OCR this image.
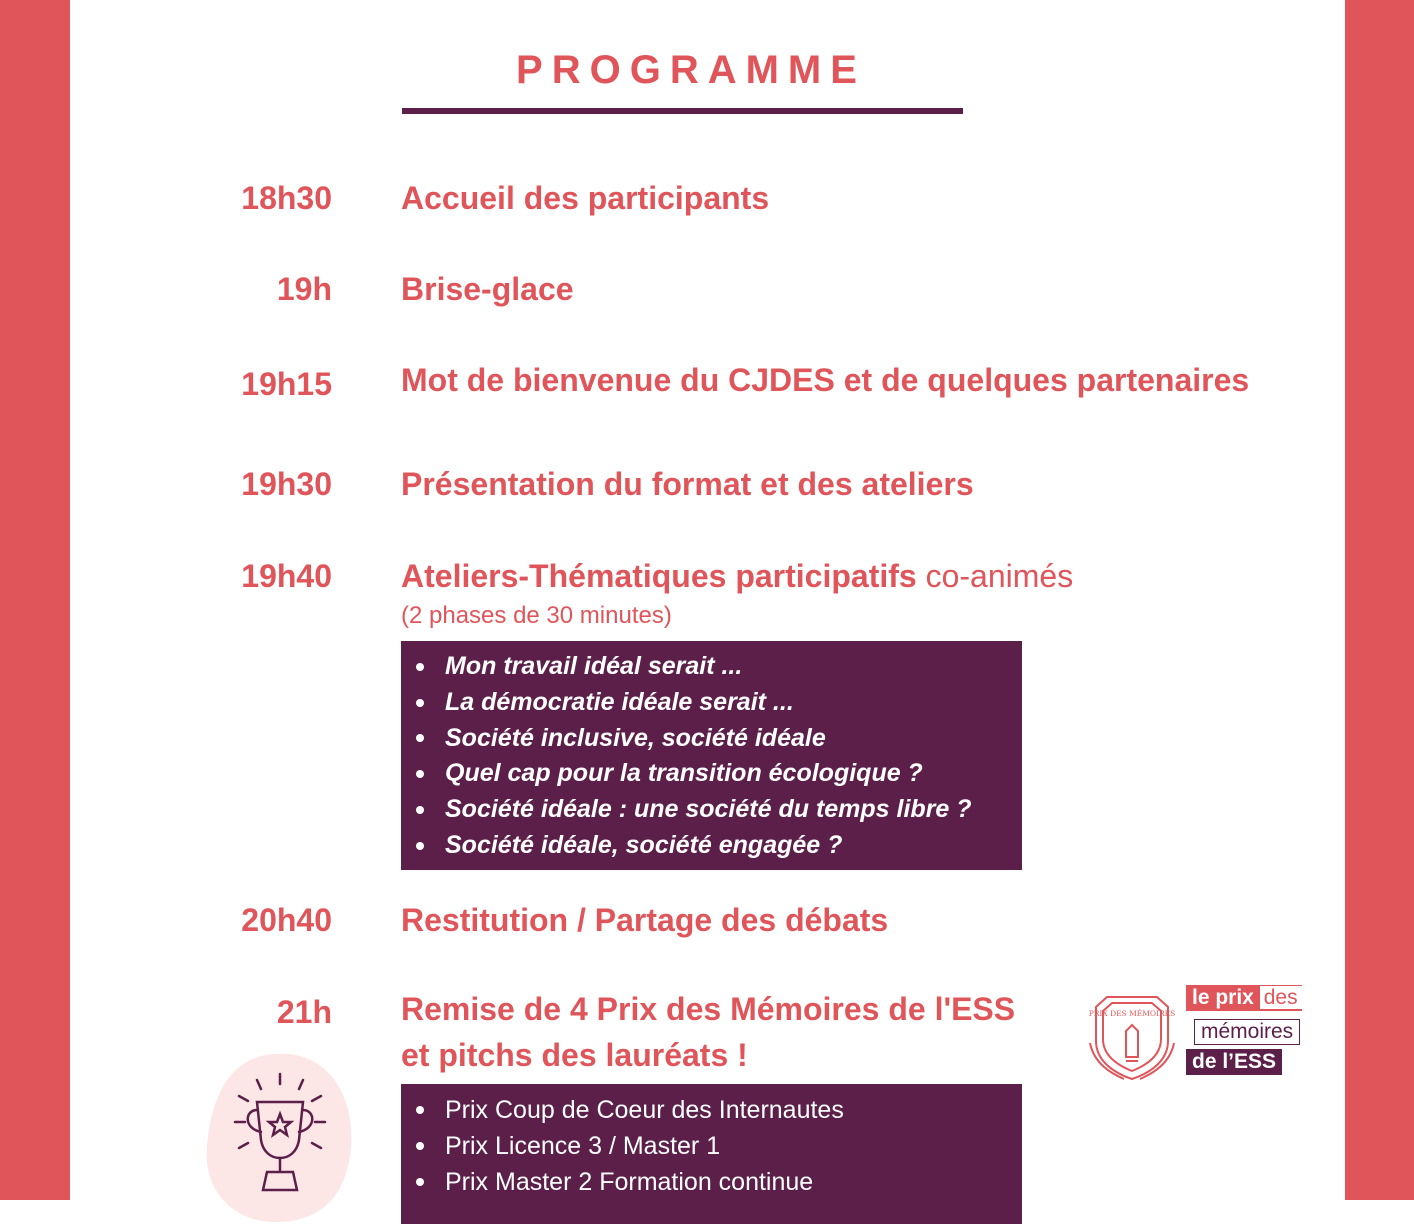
PROGRAMME
18h30 Accueil des participants
19h Brise-glace
19h15 Mot de bienvenue du CJDES et de quelques partenaires
19h30 Présentation du format et des ateliers
19h40 Ateliers-Thématiques participatifs co-animés
(2 phases de 30 minutes)
Mon travail idéal serait ...
La démocratie idéale serait ...
Société inclusive, société idéale
Quel cap pour la transition écologique ?
Société idéale : une société du temps libre ?
Société idéale, société engagée ?
20h40 Restitution / Partage des débats
21h Remise de 4 Prix des Mémoires de l'ESS
et pitchs des lauréats !
Prix Coup de Coeur des Internautes
Prix Licence 3 / Master 1
Prix Master 2 Formation continue
PRIX DES MÉMOIRES
le prix des
mémoires
de l’ESS
